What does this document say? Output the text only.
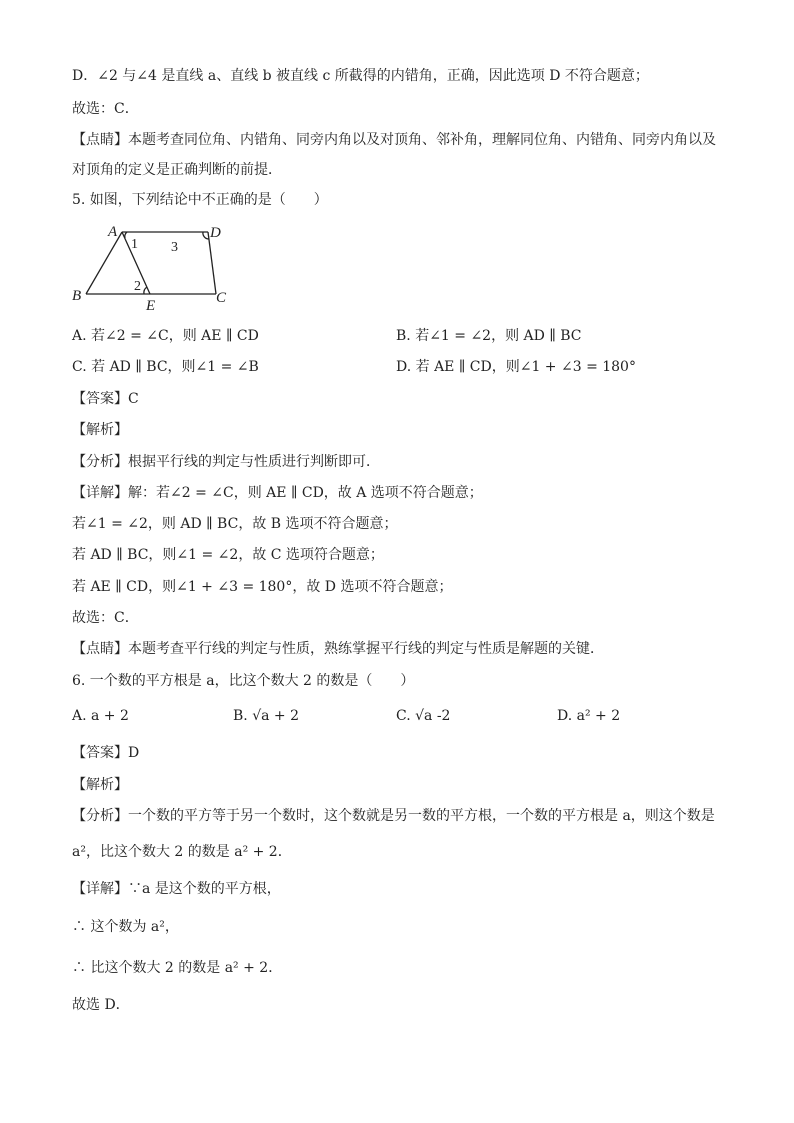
D．∠2 与∠4 是直线 a、直线 b 被直线 c 所截得的内错角，正确，因此选项 D 不符合题意；
故选：C．
【点睛】本题考查同位角、内错角、同旁内角以及对顶角、邻补角，理解同位角、内错角、同旁内角以及
对顶角的定义是正确判断的前提．
5. 如图，下列结论中不正确的是（　　）
A	D
B	C
E
1
2
3
A. 若∠2 = ∠C，则 AE ∥ CD	B. 若∠1 = ∠2，则 AD ∥ BC
C. 若 AD ∥ BC，则∠1 = ∠B	D. 若 AE ∥ CD，则∠1 + ∠3 = 180°
【答案】C
【解析】
【分析】根据平行线的判定与性质进行判断即可．
【详解】解：若∠2 = ∠C，则 AE ∥ CD，故 A 选项不符合题意；
若∠1 = ∠2，则 AD ∥ BC，故 B 选项不符合题意；
若 AD ∥ BC，则∠1 = ∠2，故 C 选项符合题意；
若 AE ∥ CD，则∠1 + ∠3 = 180°，故 D 选项不符合题意；
故选：C．
【点睛】本题考查平行线的判定与性质，熟练掌握平行线的判定与性质是解题的关键．
6. 一个数的平方根是 a，比这个数大 2 的数是（　　）
A. a + 2	B. √a + 2	C. √a -2	D. a² + 2
【答案】D
【解析】
【分析】一个数的平方等于另一个数时，这个数就是另一数的平方根，一个数的平方根是 a，则这个数是
a²，比这个数大 2 的数是 a² + 2．
【详解】∵a 是这个数的平方根，
∴ 这个数为 a²，
∴ 比这个数大 2 的数是 a² + 2．
故选 D．
